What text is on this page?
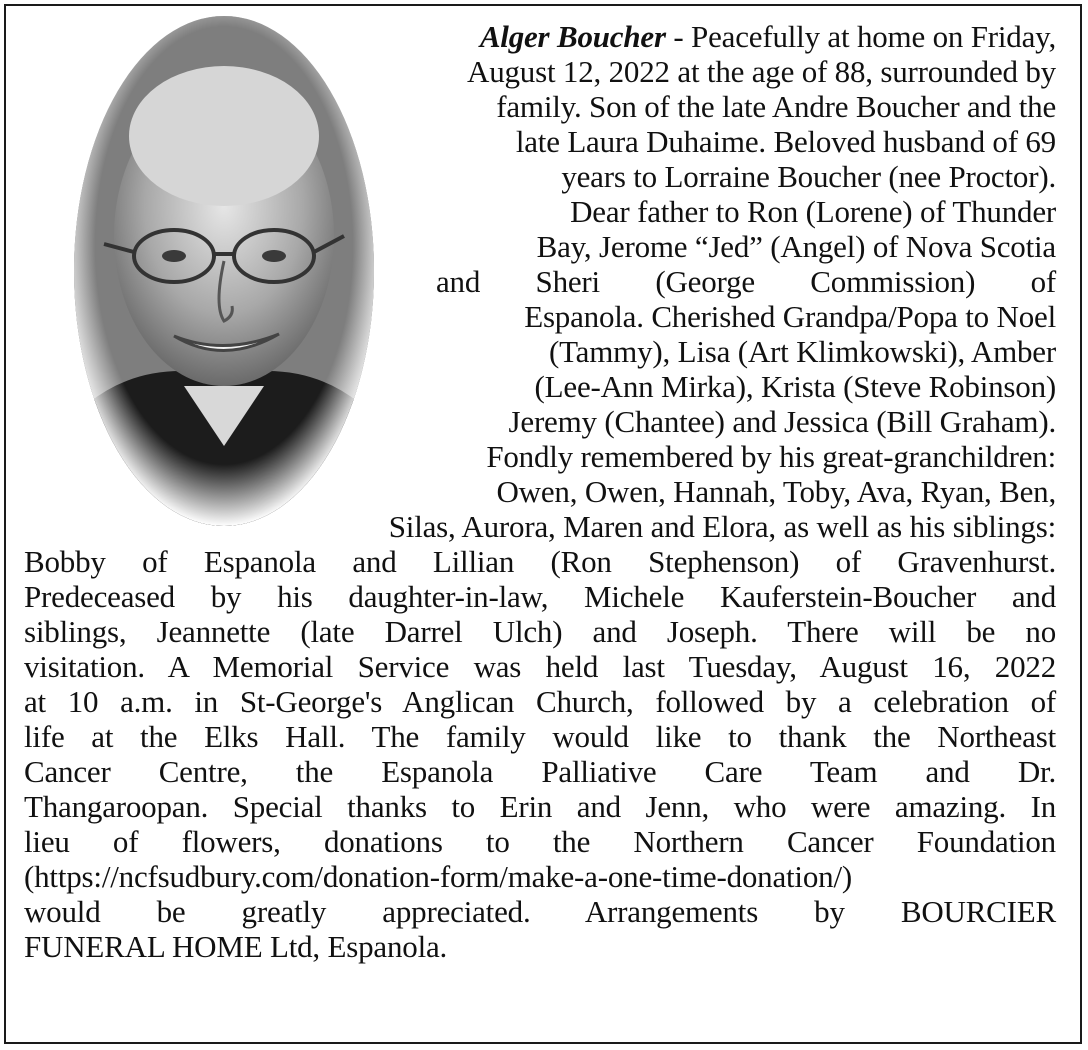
Alger Boucher - Peacefully at home on Friday,
August 12, 2022 at the age of 88, surrounded by
family. Son of the late Andre Boucher and the
late Laura Duhaime. Beloved husband of 69
years to Lorraine Boucher (nee Proctor).
Dear father to Ron (Lorene) of Thunder
Bay, Jerome “Jed” (Angel) of Nova Scotia
and Sheri (George Commission) of
Espanola. Cherished Grandpa/Popa to Noel
(Tammy), Lisa (Art Klimkowski), Amber
(Lee-Ann Mirka), Krista (Steve Robinson)
Jeremy (Chantee) and Jessica (Bill Graham).
Fondly remembered by his great-granchildren:
Owen, Owen, Hannah, Toby, Ava, Ryan, Ben,
Silas, Aurora, Maren and Elora, as well as his siblings:
Bobby of Espanola and Lillian (Ron Stephenson) of Gravenhurst.
Predeceased by his daughter-in-law, Michele Kauferstein-Boucher and
siblings, Jeannette (late Darrel Ulch) and Joseph. There will be no
visitation. A Memorial Service was held last Tuesday, August 16, 2022
at 10 a.m. in St-George's Anglican Church, followed by a celebration of
life at the Elks Hall. The family would like to thank the Northeast
Cancer Centre, the Espanola Palliative Care Team and Dr.
Thangaroopan. Special thanks to Erin and Jenn, who were amazing. In
lieu of flowers, donations to the Northern Cancer Foundation
(https://ncfsudbury.com/donation-form/make-a-one-time-donation/)
would be greatly appreciated. Arrangements by BOURCIER
FUNERAL HOME Ltd, Espanola.
